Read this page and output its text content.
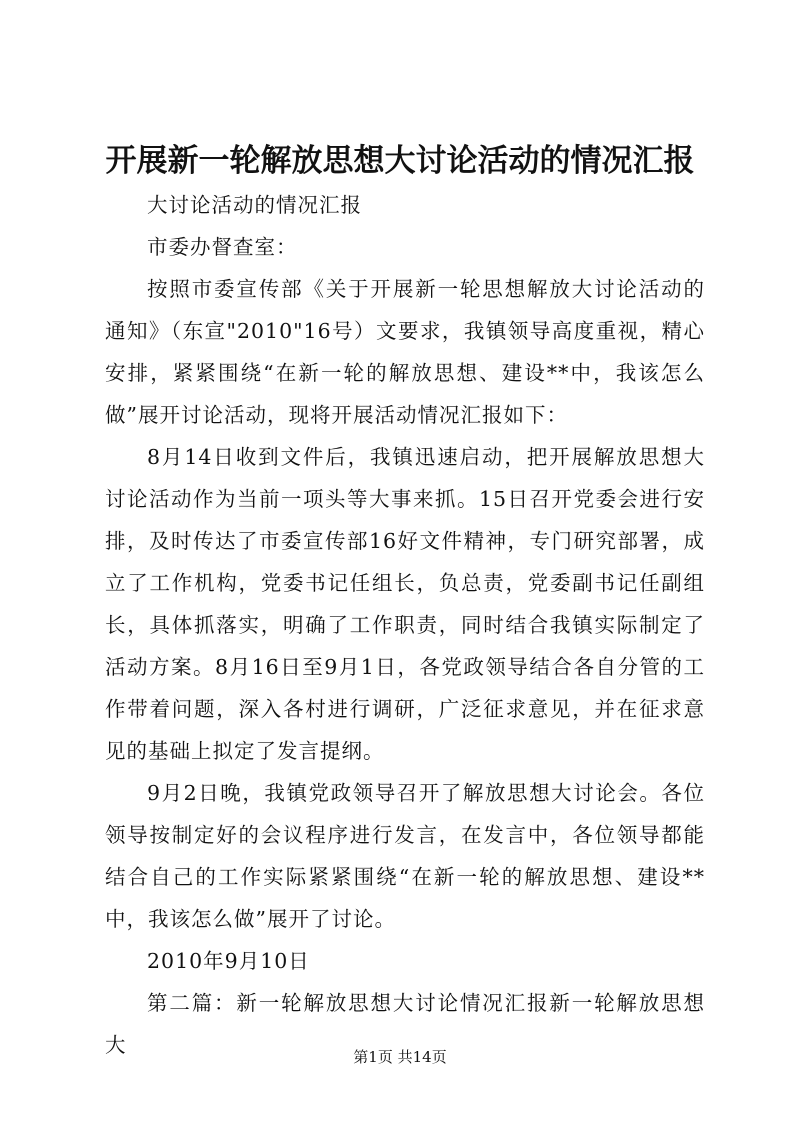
开展新一轮解放思想大讨论活动的情况汇报

大讨论活动的情况汇报

市委办督查室：

按照市委宣传部《关于开展新一轮思想解放大讨论活动的通知》（东宣"2010"16号）文要求，我镇领导高度重视，精心安排，紧紧围绕“在新一轮的解放思想、建设**中，我该怎么做”展开讨论活动，现将开展活动情况汇报如下：

8月14日收到文件后，我镇迅速启动，把开展解放思想大讨论活动作为当前一项头等大事来抓。15日召开党委会进行安排，及时传达了市委宣传部16好文件精神，专门研究部署，成立了工作机构，党委书记任组长，负总责，党委副书记任副组长，具体抓落实，明确了工作职责，同时结合我镇实际制定了活动方案。8月16日至9月1日，各党政领导结合各自分管的工作带着问题，深入各村进行调研，广泛征求意见，并在征求意见的基础上拟定了发言提纲。

9月2日晚，我镇党政领导召开了解放思想大讨论会。各位领导按制定好的会议程序进行发言，在发言中，各位领导都能结合自己的工作实际紧紧围绕“在新一轮的解放思想、建设**中，我该怎么做”展开了讨论。

2010年9月10日

第二篇：新一轮解放思想大讨论情况汇报新一轮解放思想大	第1页 共14页
